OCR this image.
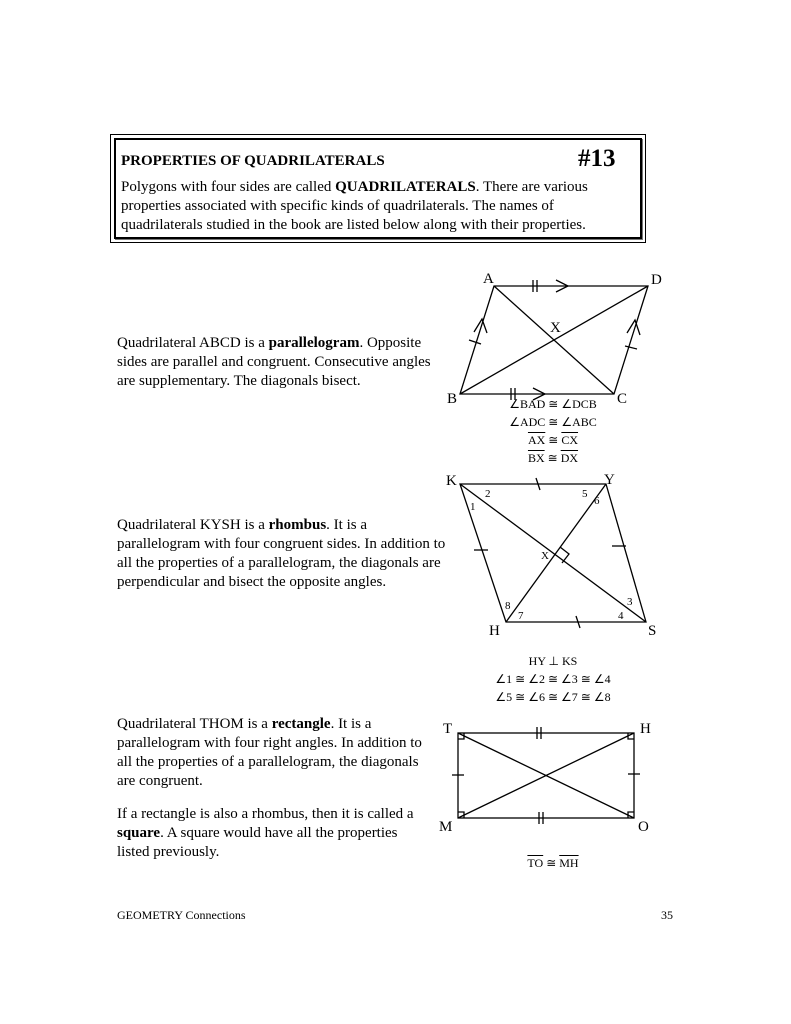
PROPERTIES OF QUADRILATERALS	#13
Polygons with four sides are called QUADRILATERALS. There are various properties associated with specific kinds of quadrilaterals. The names of quadrilaterals studied in the book are listed below along with their properties.
Quadrilateral ABCD is a parallelogram. Opposite sides are parallel and congruent. Consecutive angles are supplementary. The diagonals bisect.
Quadrilateral KYSH is a rhombus. It is a parallelogram with four congruent sides. In addition to all the properties of a parallelogram, the diagonals are perpendicular and bisect the opposite angles.
Quadrilateral THOM is a rectangle. It is a parallelogram with four right angles. In addition to all the properties of a parallelogram, the diagonals are congruent.
If a rectangle is also a rhombus, then it is called a square. A square would have all the properties listed previously.
A	D
B	C
X
K	Y
S
H
X
1
2
3
4
5
6
7
8
T	H
O
M
∠BAD ≅ ∠DCB
∠ADC ≅ ∠ABC
$\overline{AX}$ ≅ $\overline{CX}$
$\overline{BX}$ ≅ $\overline{DX}$
HY ⊥ KS
∠1 ≅ ∠2 ≅ ∠3 ≅ ∠4
∠5 ≅ ∠6 ≅ ∠7 ≅ ∠8
$\overline{TO}$ ≅ $\overline{MH}$
GEOMETRY Connections	35
